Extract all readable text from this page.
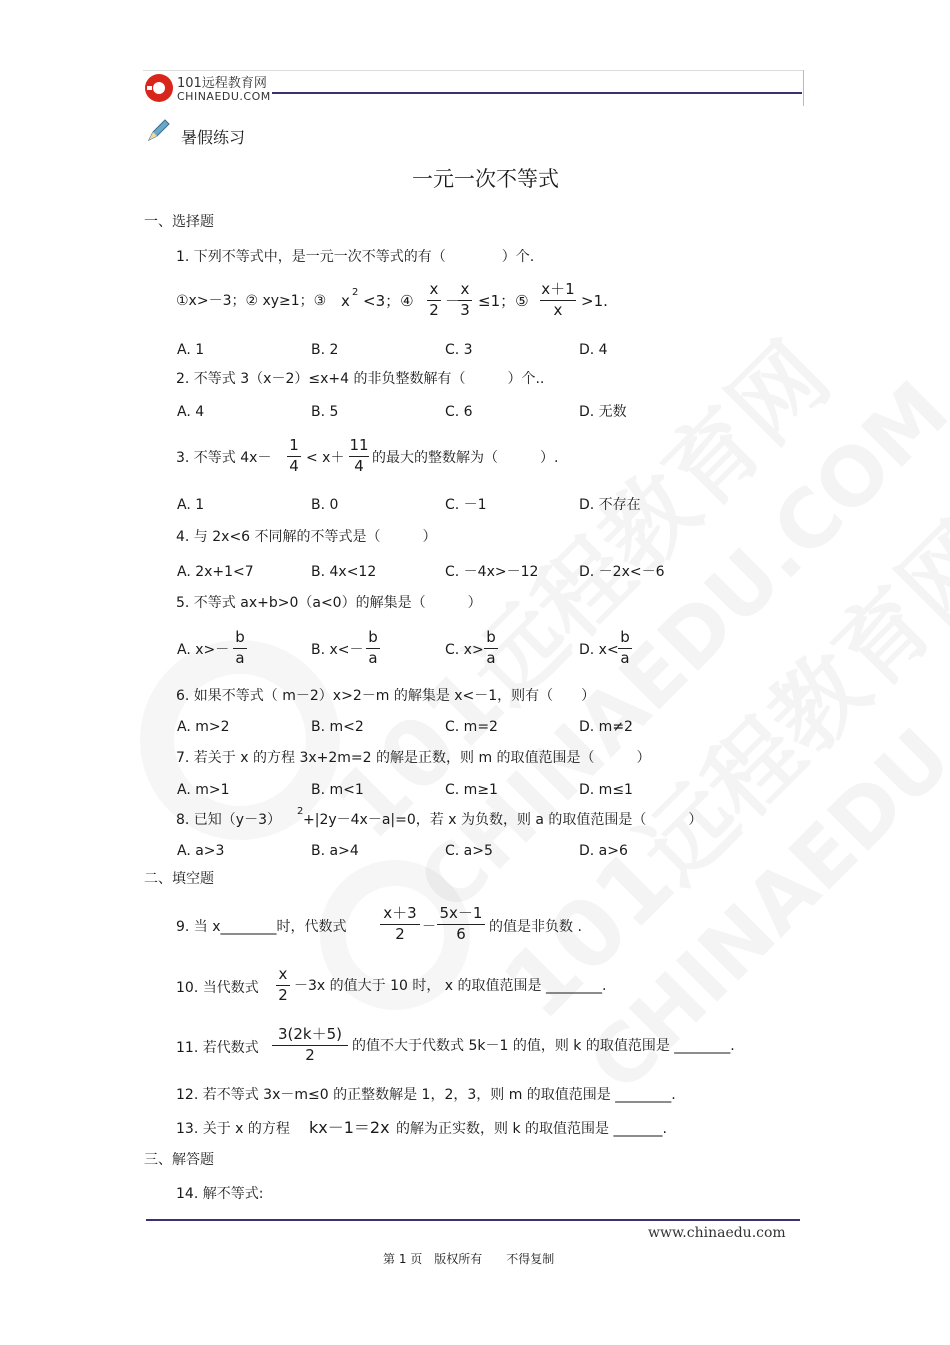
101远程教育网
CHINAEDU.COM
暑假练习
一元一次不等式
一、选择题
1. 下列不等式中，是一元一次不等式的有（　　　　）个.
①x>－3；② xy≥1；③ x 2 <3；④
x
2 －
x
3 ≤1；⑤
x＋1
x	>1.
A. 1	B. 2	C. 3	D. 4
2. 不等式 3（x－2）≤x+4 的非负整数解有（　　　）个..
A. 4	B. 5	C. 6	D. 无数
3. 不等式 4x－
1
4 < x＋
11
4 的最大的整数解为（　　　）.
A. 1	B. 0	C. －1	D. 不存在
4. 与 2x<6 不同解的不等式是（　　　）
A. 2x+1<7	B. 4x<12	C. －4x>－12	D. －2x<－6
5. 不等式 ax+b>0（a<0）的解集是（　　　）
A. x>－
b
a	B. x<－
b
a	C. x>
b
a	D. x<
b
a
6. 如果不等式（ m－2）x>2－m 的解集是 x<－1，则有（　　）
A. m>2	B. m<2	C. m=2	D. m≠2
7. 若关于 x 的方程 3x+2m=2 的解是正数，则 m 的取值范围是（　　　）
A. m>1	B. m<1	C. m≥1	D. m≤1
8. 已知（y－3）
2
+|2y－4x－a|=0，若 x 为负数，则 a 的取值范围是（　　　）
A. a>3	B. a>4	C. a>5	D. a>6
二、填空题
9. 当 x________时，代数式
x＋3
2	－
5x－1
6	的值是非负数 .
10. 当代数式
x
2 －3x 的值大于 10 时， x 的取值范围是 ________.
11. 若代数式
3(2k＋5)
2	的值不大于代数式 5k－1 的值，则 k 的取值范围是 ________.
12. 若不等式 3x－m≤0 的正整数解是 1，2，3，则 m 的取值范围是 ________.
13. 关于 x 的方程 kx－1＝2x 的解为正实数，则 k 的取值范围是 _______.
三、解答题
14. 解不等式:
www.chinaedu.com
第 1 页　版权所有　　不得复制
